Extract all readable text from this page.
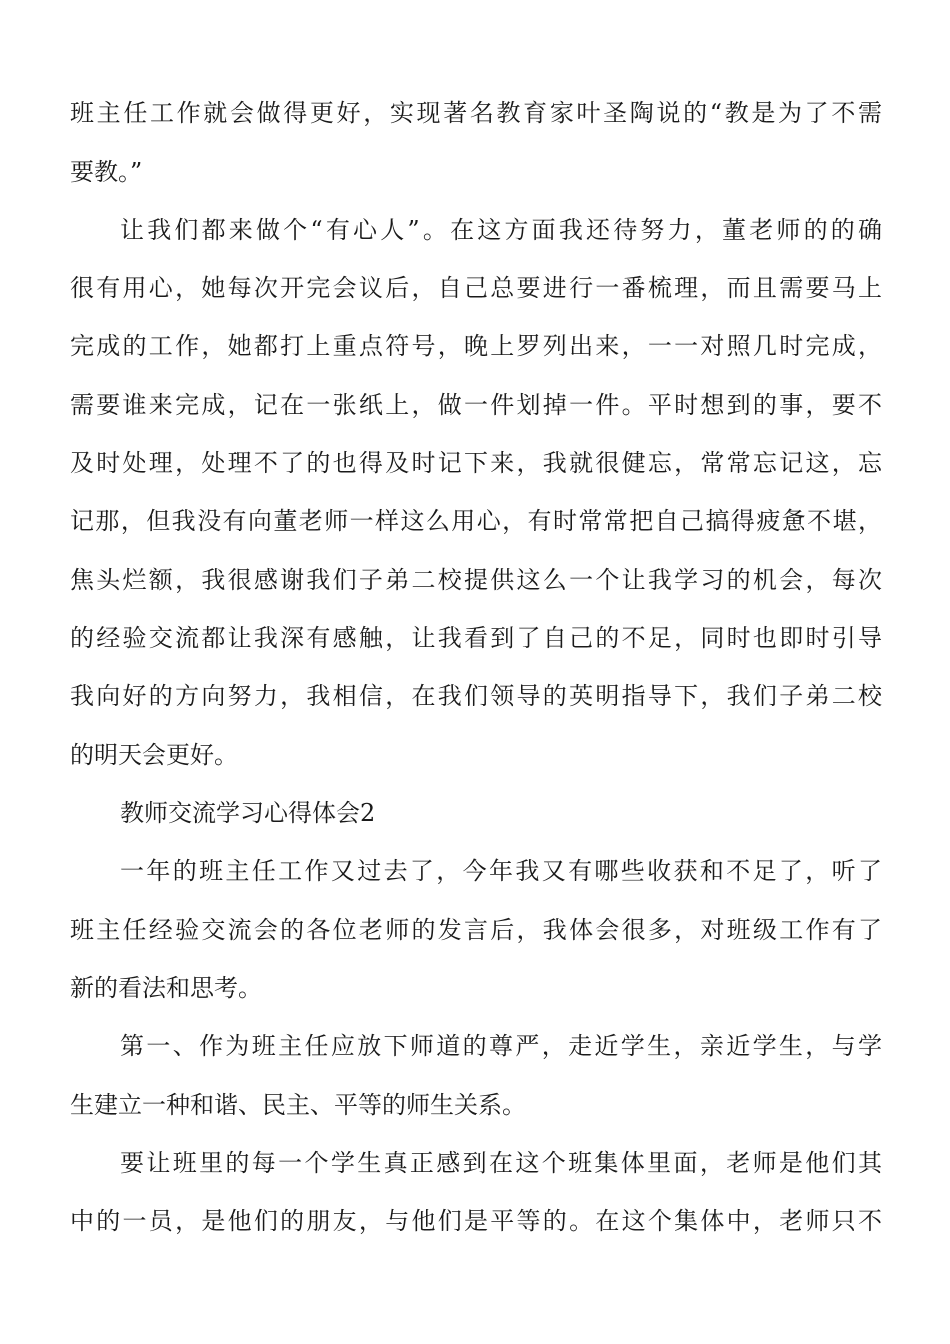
班主任工作就会做得更好，实现著名教育家叶圣陶说的“教是为了不需

要教。”

让我们都来做个“有心人”。在这方面我还待努力，董老师的的确

很有用心，她每次开完会议后，自己总要进行一番梳理，而且需要马上

完成的工作，她都打上重点符号，晚上罗列出来，一一对照几时完成，

需要谁来完成，记在一张纸上，做一件划掉一件。平时想到的事，要不

及时处理，处理不了的也得及时记下来，我就很健忘，常常忘记这，忘

记那，但我没有向董老师一样这么用心，有时常常把自己搞得疲惫不堪，

焦头烂额，我很感谢我们子弟二校提供这么一个让我学习的机会，每次

的经验交流都让我深有感触，让我看到了自己的不足，同时也即时引导

我向好的方向努力，我相信，在我们领导的英明指导下，我们子弟二校

的明天会更好。

教师交流学习心得体会2

一年的班主任工作又过去了，今年我又有哪些收获和不足了，听了

班主任经验交流会的各位老师的发言后，我体会很多，对班级工作有了

新的看法和思考。

第一、作为班主任应放下师道的尊严，走近学生，亲近学生，与学

生建立一种和谐、民主、平等的师生关系。

要让班里的每一个学生真正感到在这个班集体里面，老师是他们其

中的一员，是他们的朋友，与他们是平等的。在这个集体中，老师只不
